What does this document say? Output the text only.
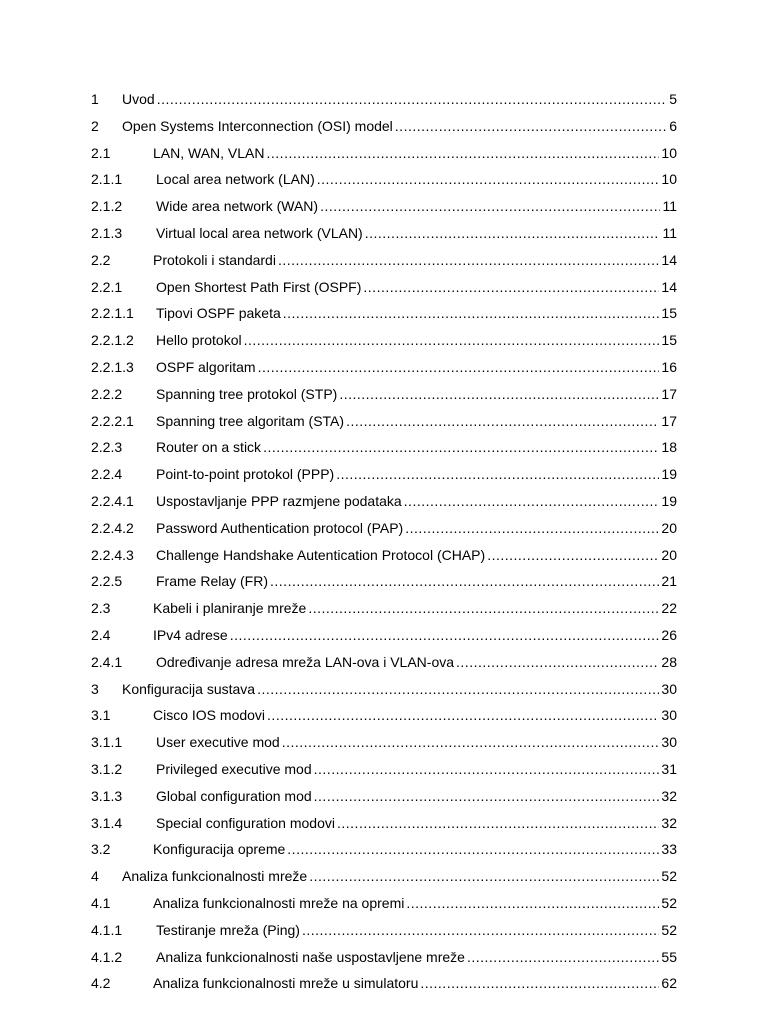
1	Uvod .....	5
2	Open Systems Interconnection (OSI) model .....	6
2.1	LAN, WAN, VLAN .....	10
2.1.1	Local area network (LAN) .....	10
2.1.2	Wide area network (WAN) .....	11
2.1.3	Virtual local area network (VLAN) .....	11
2.2	Protokoli i standardi .....	14
2.2.1	Open Shortest Path First (OSPF) .....	14
2.2.1.1	Tipovi OSPF paketa .....	15
2.2.1.2	Hello protokol .....	15
2.2.1.3	OSPF algoritam .....	16
2.2.2	Spanning tree protokol (STP) .....	17
2.2.2.1	Spanning tree algoritam (STA) .....	17
2.2.3	Router on a stick .....	18
2.2.4	Point-to-point protokol (PPP) .....	19
2.2.4.1	Uspostavljanje PPP razmjene podataka .....	19
2.2.4.2	Password Authentication protocol (PAP) .....	20
2.2.4.3	Challenge Handshake Autentication Protocol (CHAP) .....	20
2.2.5	Frame Relay (FR) .....	21
2.3	Kabeli i planiranje mreže .....	22
2.4	IPv4 adrese .....	26
2.4.1	Određivanje adresa mreža LAN-ova i VLAN-ova .....	28
3	Konfiguracija sustava .....	30
3.1	Cisco IOS modovi .....	30
3.1.1	User executive mod .....	30
3.1.2	Privileged executive mod .....	31
3.1.3	Global configuration mod .....	32
3.1.4	Special configuration modovi .....	32
3.2	Konfiguracija opreme .....	33
4	Analiza funkcionalnosti mreže .....	52
4.1	Analiza funkcionalnosti mreže na opremi .....	52
4.1.1	Testiranje mreža (Ping) .....	52
4.1.2	Analiza funkcionalnosti naše uspostavljene mreže .....	55
4.2	Analiza funkcionalnosti mreže u simulatoru .....	62
